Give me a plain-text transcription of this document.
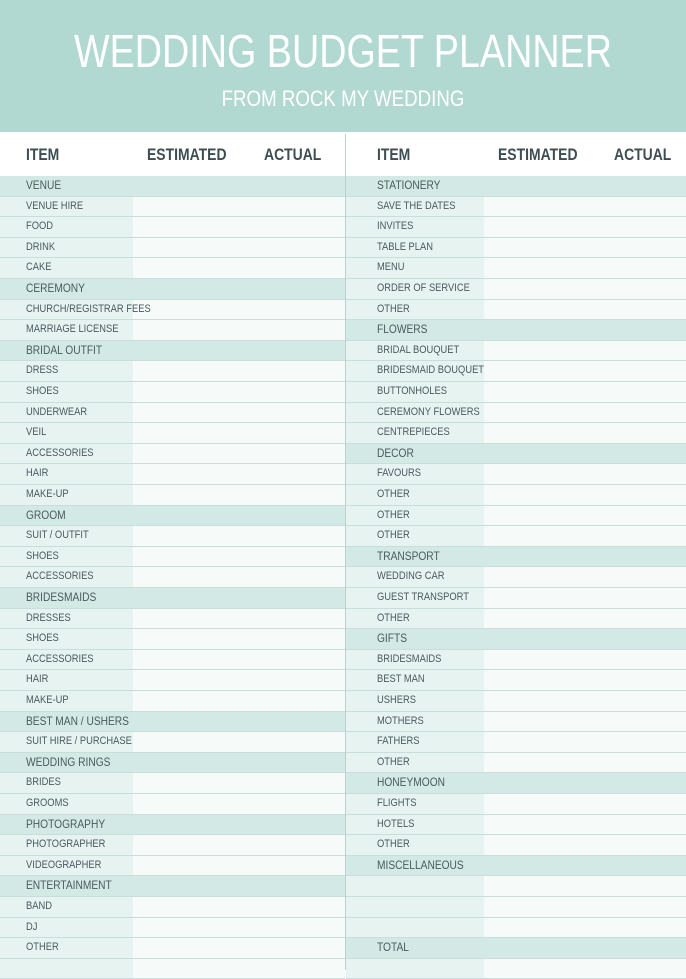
WEDDING BUDGET PLANNER
FROM ROCK MY WEDDING
ITEM	ESTIMATED	ACTUAL	ITEM	ESTIMATED	ACTUAL
VENUE
VENUE HIRE
FOOD
DRINK
CAKE
CEREMONY
CHURCH/REGISTRAR FEES
MARRIAGE LICENSE
BRIDAL OUTFIT
DRESS
SHOES
UNDERWEAR
VEIL
ACCESSORIES
HAIR
MAKE-UP
GROOM
SUIT / OUTFIT
SHOES
ACCESSORIES
BRIDESMAIDS
DRESSES
SHOES
ACCESSORIES
HAIR
MAKE-UP
BEST MAN / USHERS
SUIT HIRE / PURCHASE
WEDDING RINGS
BRIDES
GROOMS
PHOTOGRAPHY
PHOTOGRAPHER
VIDEOGRAPHER
ENTERTAINMENT
BAND
DJ
OTHER
STATIONERY
SAVE THE DATES
INVITES
TABLE PLAN
MENU
ORDER OF SERVICE
OTHER
FLOWERS
BRIDAL BOUQUET
BRIDESMAID BOUQUET
BUTTONHOLES
CEREMONY FLOWERS
CENTREPIECES
DECOR
FAVOURS
OTHER
OTHER
OTHER
TRANSPORT
WEDDING CAR
GUEST TRANSPORT
OTHER
GIFTS
BRIDESMAIDS
BEST MAN
USHERS
MOTHERS
FATHERS
OTHER
HONEYMOON
FLIGHTS
HOTELS
OTHER
MISCELLANEOUS
TOTAL
